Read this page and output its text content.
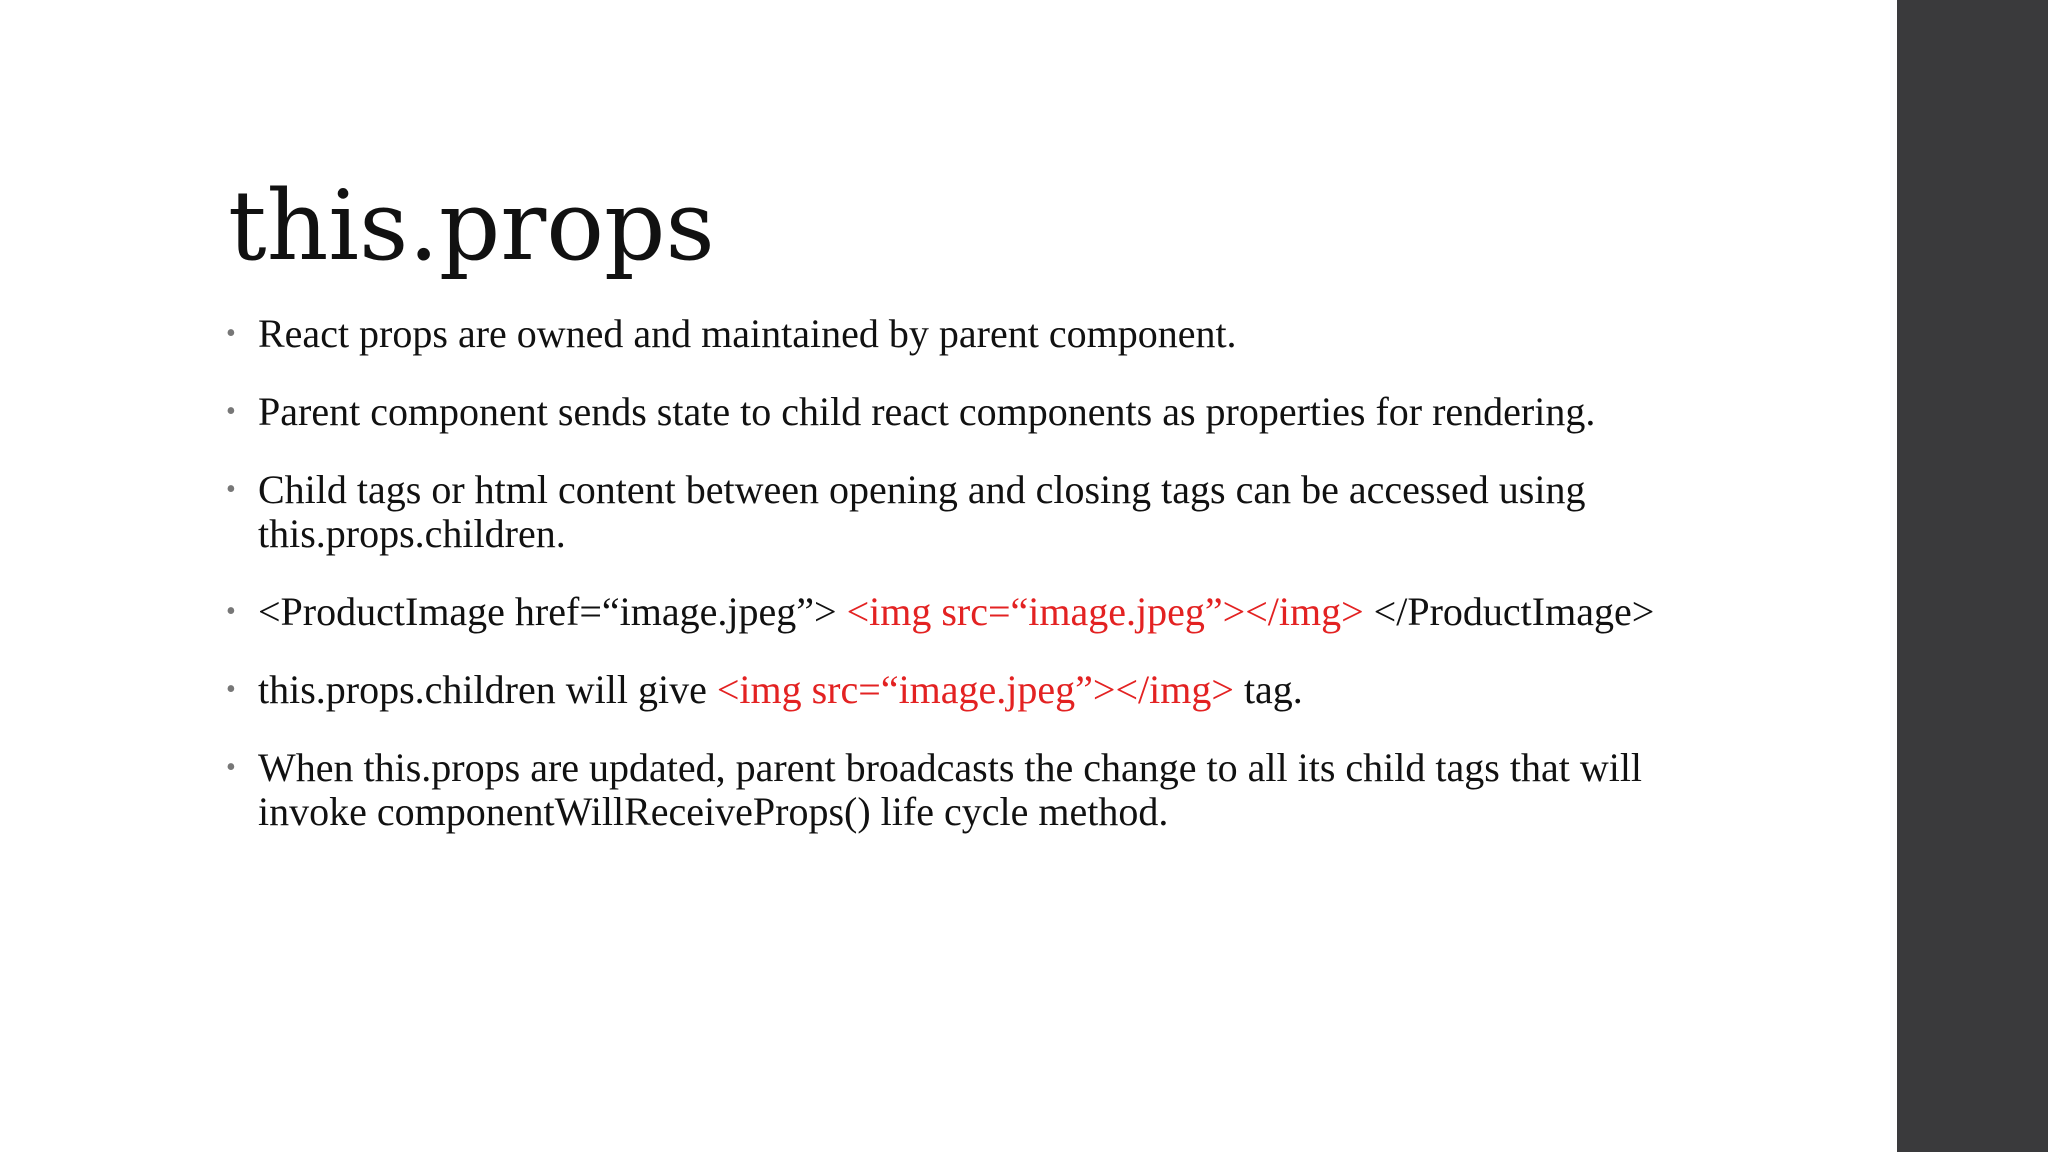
this.props
• React props are owned and maintained by parent component.
• Parent component sends state to child react components as properties for rendering.
• Child tags or html content between opening and closing tags can be accessed using this.props.children.
• <ProductImage href=“image.jpeg”> <img src=“image.jpeg”></img> </ProductImage>
• this.props.children will give <img src=“image.jpeg”></img> tag.
• When this.props are updated, parent broadcasts the change to all its child tags that will invoke componentWillReceiveProps() life cycle method.
